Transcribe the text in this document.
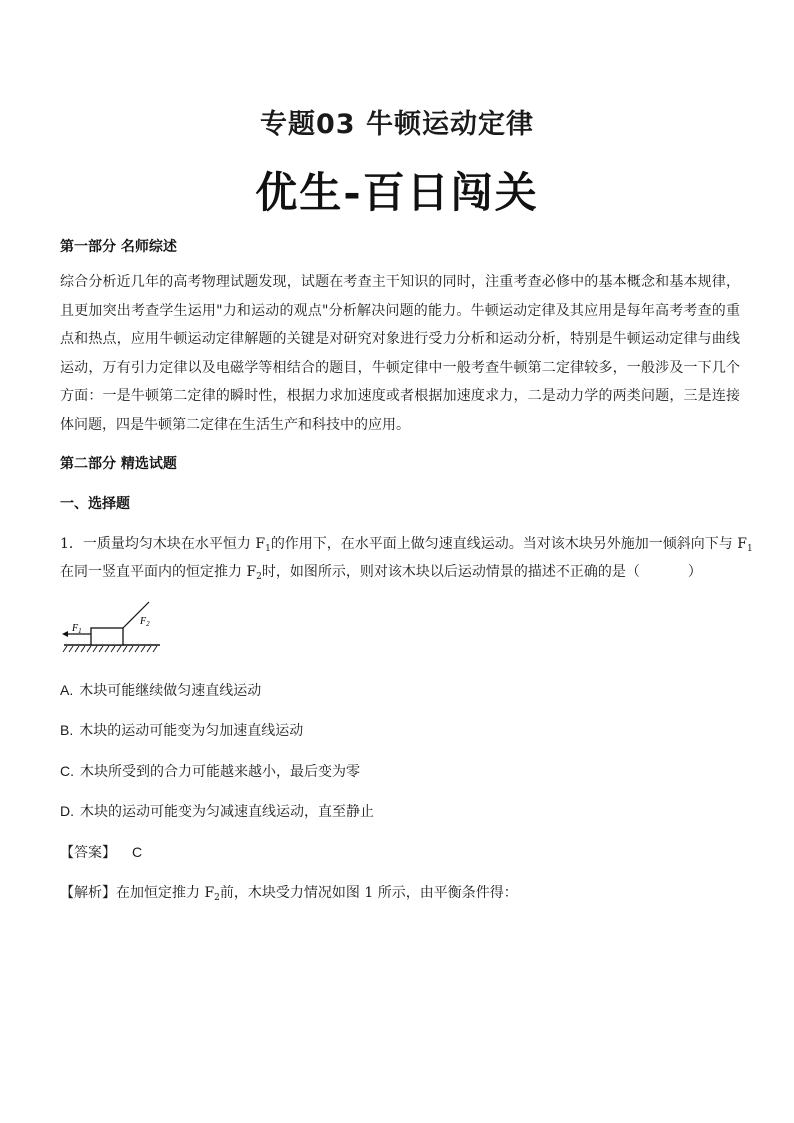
专题03 牛顿运动定律
优生-百日闯关
第一部分 名师综述
综合分析近几年的高考物理试题发现，试题在考查主干知识的同时，注重考查必修中的基本概念和基本规律，且更加突出考查学生运用"力和运动的观点"分析解决问题的能力。牛顿运动定律及其应用是每年高考考查的重点和热点，应用牛顿运动定律解题的关键是对研究对象进行受力分析和运动分析，特别是牛顿运动定律与曲线运动，万有引力定律以及电磁学等相结合的题目，牛顿定律中一般考查牛顿第二定律较多，一般涉及一下几个方面：一是牛顿第二定律的瞬时性，根据力求加速度或者根据加速度求力，二是动力学的两类问题，三是连接体问题，四是牛顿第二定律在生活生产和科技中的应用。
第二部分 精选试题
一、选择题
1．一质量均匀木块在水平恒力 $F_1$的作用下，在水平面上做匀速直线运动。当对该木块另外施加一倾斜向下与 $F_1$
在同一竖直平面内的恒定推力 $F_2$时，如图所示，则对该木块以后运动情景的描述不正确的是（	）
$F_1$
$F_2$
A. 木块可能继续做匀速直线运动
B. 木块的运动可能变为匀加速直线运动
C. 木块所受到的合力可能越来越小，最后变为零
D. 木块的运动可能变为匀减速直线运动，直至静止
【答案】 C
【解析】在加恒定推力 $F_2$前，木块受力情况如图 1 所示，由平衡条件得：
